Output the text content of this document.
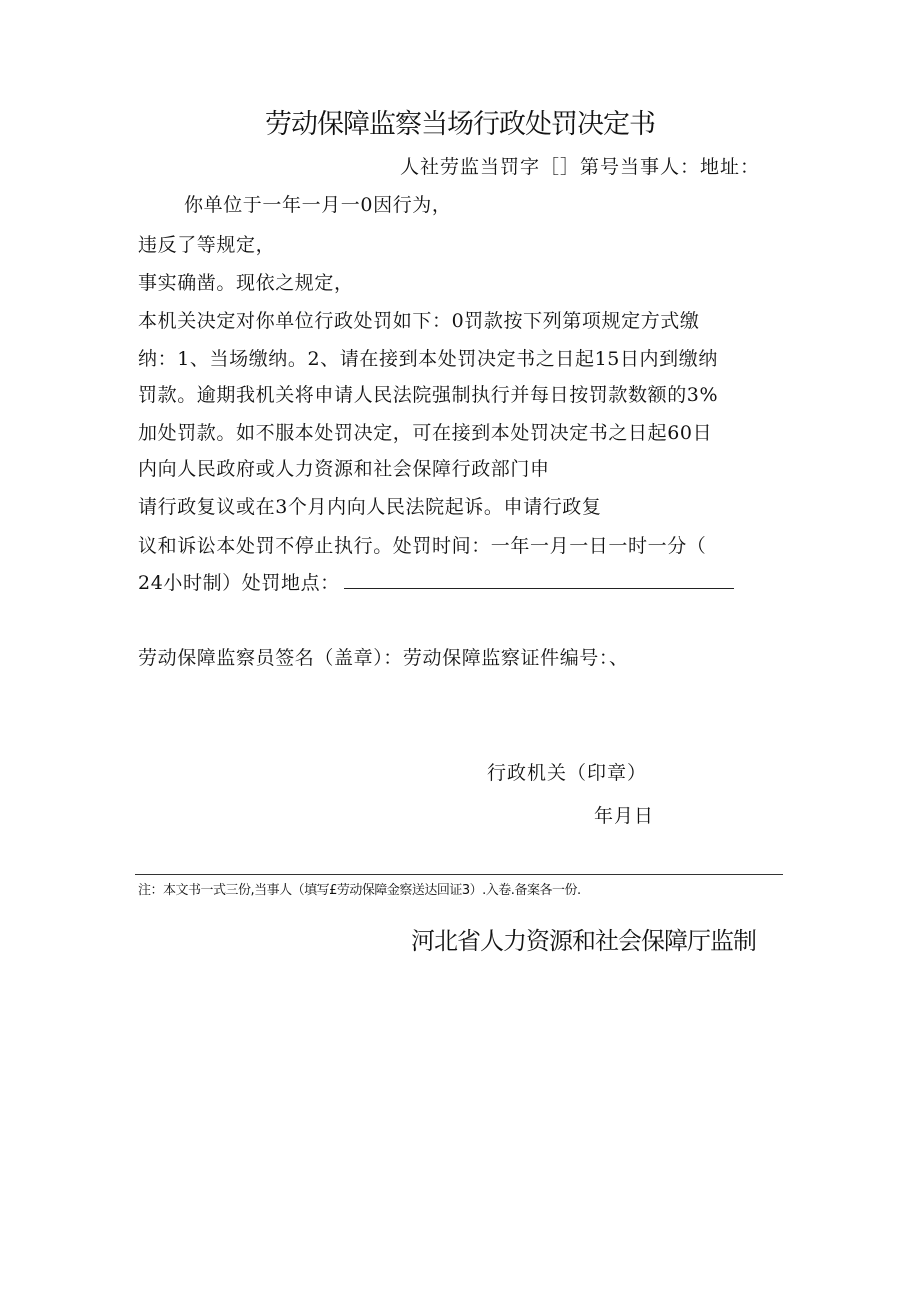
劳动保障监察当场行政处罚决定书
人社劳监当罚字［］第号当事人：地址：
你单位于一年一月一0因行为，
违反了等规定，
事实确凿。现依之规定，
本机关决定对你单位行政处罚如下：0罚款按下列第项规定方式缴
纳：1、当场缴纳。2、请在接到本处罚决定书之日起15日内到缴纳
罚款。逾期我机关将申请人民法院强制执行并每日按罚款数额的3%
加处罚款。如不服本处罚决定，可在接到本处罚决定书之日起60日
内向人民政府或人力资源和社会保障行政部门申
请行政复议或在3个月内向人民法院起诉。申请行政复
议和诉讼本处罚不停止执行。处罚时间：一年一月一日一时一分（
24小时制）处罚地点：
劳动保障监察员签名（盖章）：劳动保障监察证件编号：、
行政机关（印章）
年月日
注：本文书一式三份,当事人（填写£劳动保障金察送达回证3）.入卷.备案各一份.
河北省人力资源和社会保障厅监制
